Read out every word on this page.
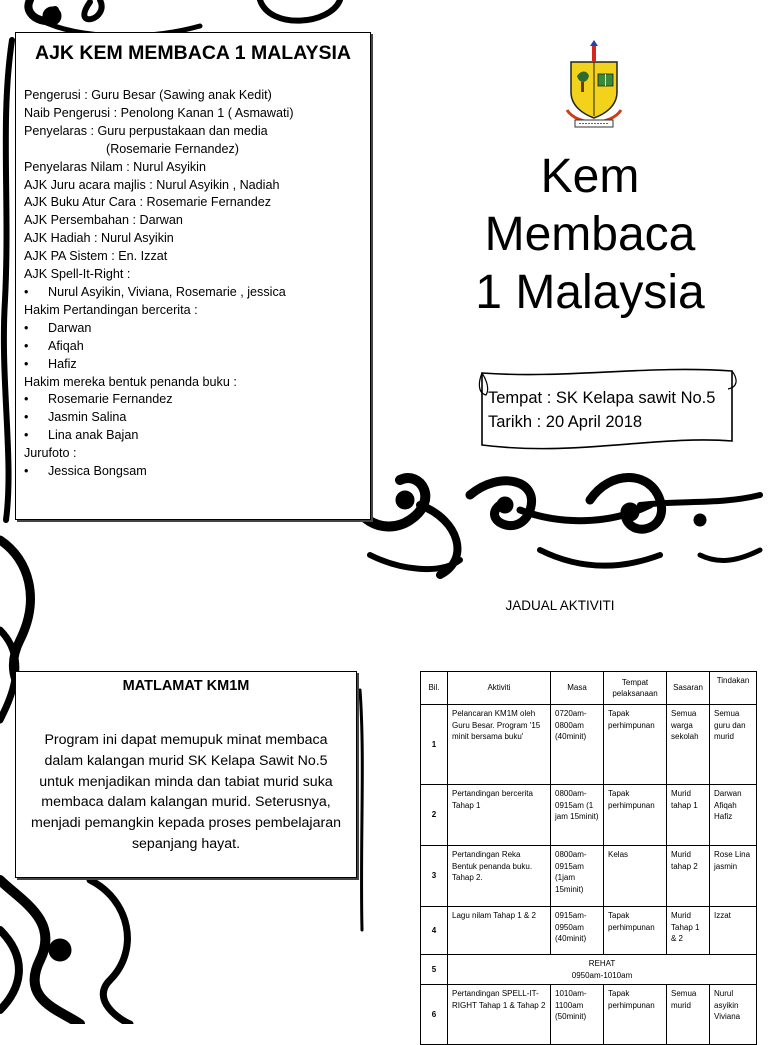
AJK KEM MEMBACA 1 MALAYSIA
Pengerusi : Guru Besar (Sawing anak Kedit)
Naib Pengerusi : Penolong Kanan 1 ( Asmawati)
Penyelaras : Guru perpustakaan dan media
(Rosemarie Fernandez)
Penyelaras Nilam : Nurul Asyikin
AJK Juru acara majlis : Nurul Asyikin , Nadiah
AJK Buku Atur Cara : Rosemarie Fernandez
AJK Persembahan : Darwan
AJK Hadiah : Nurul Asyikin
AJK PA Sistem : En. Izzat
AJK Spell-It-Right :
• Nurul Asyikin, Viviana, Rosemarie , jessica
Hakim Pertandingan bercerita :
• Darwan
• Afiqah
• Hafiz
Hakim mereka bentuk penanda buku :
• Rosemarie Fernandez
• Jasmin Salina
• Lina anak Bajan
Jurufoto :
• Jessica Bongsam
Kem
Membaca
1 Malaysia
Tempat : SK Kelapa sawit No.5
Tarikh : 20 April 2018
JADUAL AKTIVITI
MATLAMAT KM1M
Program ini dapat memupuk minat membaca dalam kalangan murid SK Kelapa Sawit No.5 untuk menjadikan minda dan tabiat murid suka membaca dalam kalangan murid. Seterusnya, menjadi pemangkin kepada proses pembelajaran sepanjang hayat.
Bil.	Aktiviti	Masa	Tempat pelaksanaan	Sasaran	Tindakan
1	Pelancaran KM1M oleh Guru Besar. Program '15 minit bersama buku'	0720am-0800am (40minit)	Tapak perhimpunan	Semua warga sekolah	Semua guru dan murid
2	Pertandingan bercerita Tahap 1	0800am-0915am (1 jam 15minit)	Tapak perhimpunan	Murid tahap 1	Darwan Afiqah Hafiz
3	Pertandingan Reka Bentuk penanda buku. Tahap 2.	0800am-0915am (1jam 15minit)	Kelas	Murid tahap 2	Rose Lina jasmin
4	Lagu nilam Tahap 1 & 2	0915am-0950am (40minit)	Tapak perhimpunan	Murid Tahap 1 & 2	Izzat
5	REHAT
0950am-1010am				

6	Pertandingan SPELL-IT-RIGHT Tahap 1 & Tahap 2	1010am-1100am (50minit)	Tapak perhimpunan	Semua murid	Nurul asyikin Viviana
